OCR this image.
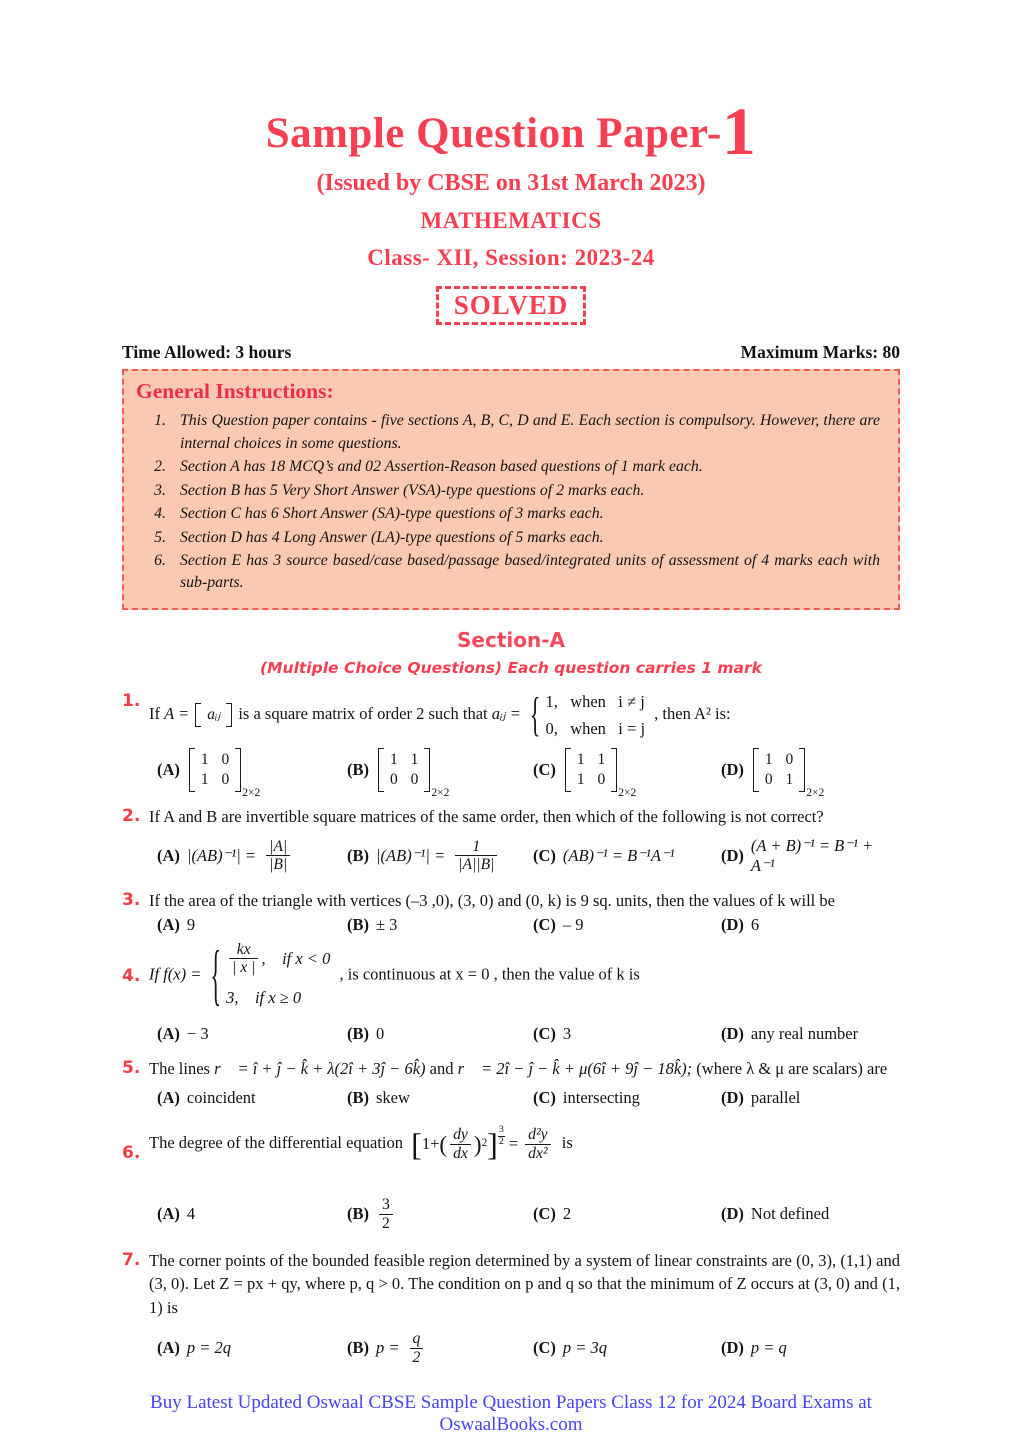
Sample Question Paper-1
(Issued by CBSE on 31st March 2023)
MATHEMATICS
Class- XII, Session: 2023-24
SOLVED
Time Allowed: 3 hours	Maximum Marks: 80
General Instructions:
1. This Question paper contains - five sections A, B, C, D and E. Each section is compulsory. However, there are internal choices in some questions.
2. Section A has 18 MCQ’s and 02 Assertion-Reason based questions of 1 mark each.
3. Section B has 5 Very Short Answer (VSA)-type questions of 2 marks each.
4. Section C has 6 Short Answer (SA)-type questions of 3 marks each.
5. Section D has 4 Long Answer (LA)-type questions of 5 marks each.
6. Section E has 3 source based/case based/passage based/integrated units of assessment of 4 marks each with sub-parts.
Section-A
(Multiple Choice Questions) Each question carries 1 mark
1.
If A = aᵢⱼ is a square matrix of order 2 such that aᵢⱼ = { 1,   when   i ≠ j
0,   when   i = j
, then A² is:
(A)
1 0
1 0
2×2
(B)
1 1
0 0
2×2
(C)
1 1
1 0
2×2
(D)
1 0
0 1
2×2
2. If A and B are invertible square matrices of the same order, then which of the following is not correct?
(A) $|(AB)^{-1}| = \frac{|A|}{|B|}$	(B) $|(AB)^{-1}| = \frac{1}{|A||B|} (C) (AB)^{-1} = B^{-1}A^{-1}$	(D)
(A + B)⁻¹ = B⁻¹ + A⁻¹
3. If the area of the triangle with vertices (–3 ,0), (3, 0) and (0, k) is 9 sq. units, then the values of k will be
(A) 9	(B) ± 3	(C) – 9	(D) 6
4. If f(x) = { $\frac{kx}{| x |}$ ,    if x < 0
3,    if x ≥ 0
, is continuous at x = 0 , then the value of k is
(A) − 3	(B) 0	(C) 3	(D) any real number
5. The lines r⃗ = î + ĵ − k̂ + λ(2î + 3ĵ − 6k̂) and r⃗ = 2î − ĵ − k̂ + μ(6î + 9ĵ − 18k̂); (where λ & μ are scalars) are
(A) coincident	(B) skew	(C) intersecting	(D) parallel
6.
The degree of the differential equation [ 1+ ( $\frac{dy}{dx}$ ) 2 ] $\frac{3}{2} = \frac{\text{d²y}}{\text{dx²}}$ is
(A) 4	$(B) \frac{3}{2}$	(C) 2	(D) Not defined
7. The corner points of the bounded feasible region determined by a system of linear constraints are (0, 3), (1,1) and (3, 0). Let Z = px + qy, where p, q > 0. The condition on p and q so that the minimum of Z occurs at (3, 0) and (1, 1) is
(A) p = 2q	(B) $p = \frac{q}{2}$	(C) p = 3q	(D) p = q
Buy Latest Updated Oswaal CBSE Sample Question Papers Class 12 for 2024 Board Exams at OswaalBooks.com
